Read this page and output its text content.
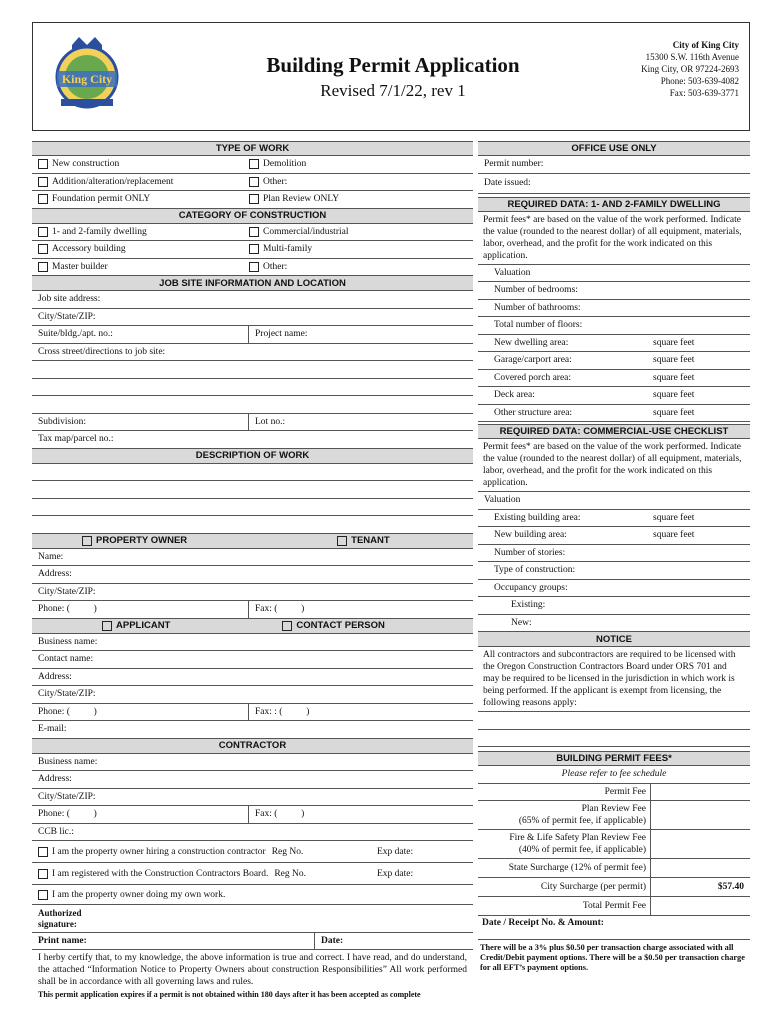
King City
Building Permit Application
Revised 7/1/22, rev 1
City of King City
15300 S.W. 116th Avenue
King City, OR 97224-2693
Phone: 503-639-4082
Fax: 503-639-3771
TYPE OF WORK
New construction	Demolition
Addition/alteration/replacement	Other:
Foundation permit ONLY	Plan Review ONLY
CATEGORY OF CONSTRUCTION
1- and 2-family dwelling	Commercial/industrial
Accessory building	Multi-family
Master builder	Other:
JOB SITE INFORMATION AND LOCATION
Job site address:
City/State/ZIP:
Suite/bldg./apt. no.:	Project name:
Cross street/directions to job site:
Subdivision:	Lot no.:
Tax map/parcel no.:
DESCRIPTION OF WORK
PROPERTY OWNER	TENANT
Name:
Address:
City/State/ZIP:
Phone: (          )	Fax: (          )
APPLICANT	CONTACT PERSON
Business name:
Contact name:
Address:
City/State/ZIP:
Phone: (          )	Fax: : (          )
E-mail:
CONTRACTOR
Business name:
Address:
City/State/ZIP:
Phone: (          )	Fax: (          )
CCB lic.:
I am the property owner hiring a construction contractor Reg No.	Exp date:
I am registered with the Construction Contractors Board. Reg No.	Exp date:
I am the property owner doing my own work.
Authorized signature:
Print name:	Date:
I herby certify that, to my knowledge, the above information is true and correct. I have read, and do understand, the attached “Information Notice to Property Owners about construction Responsibilities” All work performed shall be in accordance with all governing laws and rules.
This permit application expires if a permit is not obtained within 180 days after it has been accepted as complete
OFFICE USE ONLY
Permit number:
Date issued:
REQUIRED DATA: 1- AND 2-FAMILY DWELLING
Permit fees* are based on the value of the work performed. Indicate the value (rounded to the nearest dollar) of all equipment, materials, labor, overhead, and the profit for the work indicated on this application.
Valuation
Number of bedrooms:
Number of bathrooms:
Total number of floors:
New dwelling area:	square feet
Garage/carport area:	square feet
Covered porch area:	square feet
Deck area:	square feet
Other structure area:	square feet
REQUIRED DATA: COMMERCIAL-USE CHECKLIST
Permit fees* are based on the value of the work performed. Indicate the value (rounded to the nearest dollar) of all equipment, materials, labor, overhead, and the profit for the work indicated on this application.
Valuation
Existing building area:	square feet
New building area:	square feet
Number of stories:
Type of construction:
Occupancy groups:
Existing:
New:
NOTICE
All contractors and subcontractors are required to be licensed with the Oregon Construction Contractors Board under ORS 701 and may be required to be licensed in the jurisdiction in which work is being performed. If the applicant is exempt from licensing, the following reasons apply:
BUILDING PERMIT FEES*
Please refer to fee schedule
Permit Fee
Plan Review Fee
(65% of permit fee, if applicable)
Fire & Life Safety Plan Review Fee
(40% of permit fee, if applicable)
State Surcharge (12% of permit fee)
City Surcharge (per permit)	$57.40
Total Permit Fee
Date / Receipt No. & Amount:
There will be a 3% plus $0.50 per transaction charge associated with all Credit/Debit payment options. There will be a $0.50 per transaction charge for all EFT’s payment options.
